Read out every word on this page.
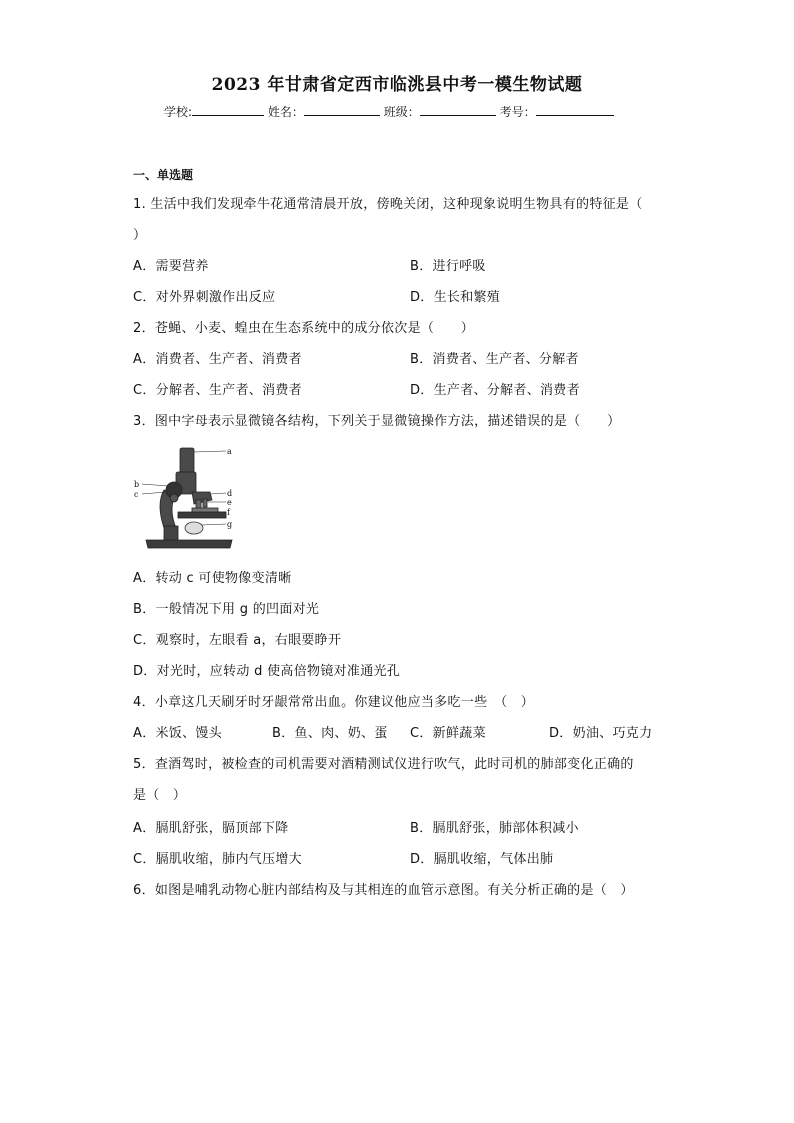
2023 年甘肃省定西市临洮县中考一模生物试题
学校:	姓名：	班级：	考号：
一、单选题
1. 生活中我们发现牵牛花通常清晨开放，傍晚关闭，这种现象说明生物具有的特征是（
）
A．需要营养	B．进行呼吸
C．对外界刺激作出反应	D．生长和繁殖
2．苍蝇、小麦、蝗虫在生态系统中的成分依次是（　　）
A．消费者、生产者、消费者	B．消费者、生产者、分解者
C．分解者、生产者、消费者	D．生产者、分解者、消费者
3．图中字母表示显微镜各结构，下列关于显微镜操作方法，描述错误的是（　　）
a
b
c	d
e
f
g
A．转动 c 可使物像变清晰
B．一般情况下用 g 的凹面对光
C．观察时，左眼看 a，右眼要睁开
D．对光时，应转动 d 使高倍物镜对准通光孔
4．小章这几天刷牙时牙龈常常出血。你建议他应当多吃一些　（　）
A．米饭、馒头	B．鱼、肉、奶、蛋 C．新鲜蔬菜	D．奶油、巧克力
5．查酒驾时，被检查的司机需要对酒精测试仪进行吹气，此时司机的肺部变化正确的
是（　）
A．膈肌舒张，膈顶部下降	B．膈肌舒张，肺部体积减小
C．膈肌收缩，肺内气压增大	D．膈肌收缩，气体出肺
6．如图是哺乳动物心脏内部结构及与其相连的血管示意图。有关分析正确的是（　）
